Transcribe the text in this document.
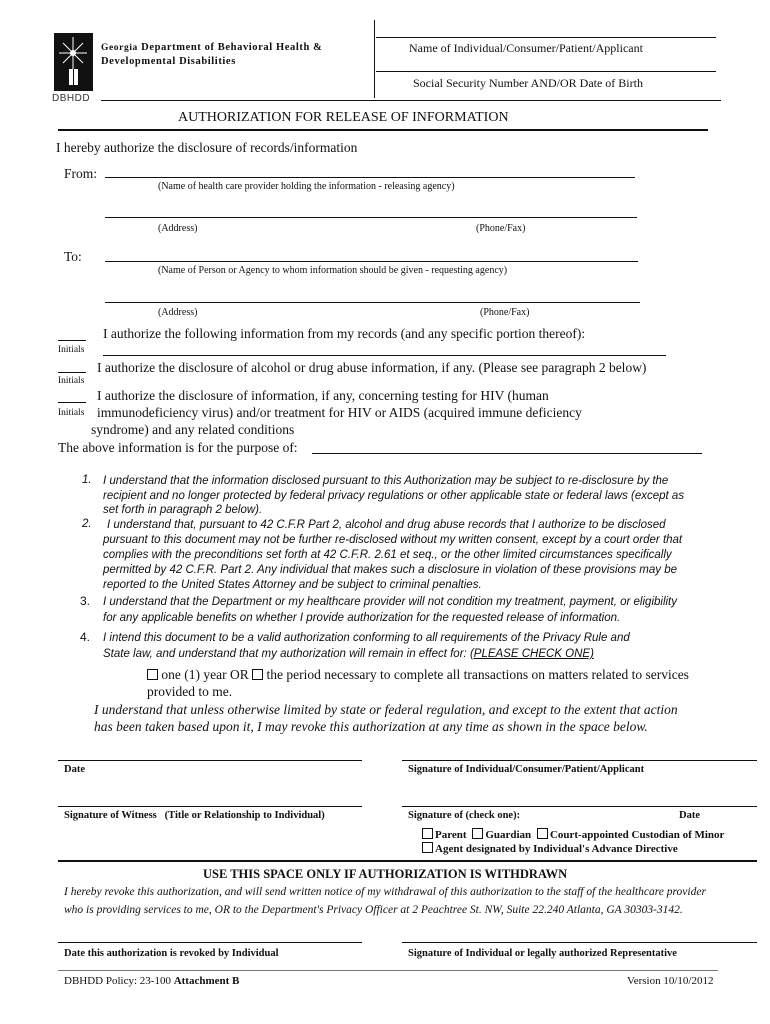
DBHDD
Georgia Department of Behavioral Health &
Developmental Disabilities
Name of Individual/Consumer/Patient/Applicant
Social Security Number AND/OR Date of Birth
AUTHORIZATION FOR RELEASE OF INFORMATION
I hereby authorize the disclosure of records/information
From:
(Name of health care provider holding the information - releasing agency)
(Address)	(Phone/Fax)
To:
(Name of Person or Agency to whom information should be given - requesting agency)
(Address)	(Phone/Fax)
Initials
I authorize the following information from my records (and any specific portion thereof):
Initials
I authorize the disclosure of alcohol or drug abuse information, if any. (Please see paragraph 2 below)
Initials
I authorize the disclosure of information, if any, concerning testing for HIV (human
immunodeficiency virus) and/or treatment for HIV or AIDS (acquired immune deficiency
syndrome) and any related conditions
The above information is for the purpose of:
1. I understand that the information disclosed pursuant to this Authorization may be subject to re-disclosure by the
recipient and no longer protected by federal privacy regulations or other applicable state or federal laws (except as
set forth in paragraph 2 below).
2.	I understand that, pursuant to 42 C.F.R Part 2, alcohol and drug abuse records that I authorize to be disclosed
pursuant to this document may not be further re-disclosed without my written consent, except by a court order that
complies with the preconditions set forth at 42 C.F.R. 2.61 et seq., or the other limited circumstances specifically
permitted by 42 C.F.R. Part 2. Any individual that makes such a disclosure in violation of these provisions may be
reported to the United States Attorney and be subject to criminal penalties.
3. I understand that the Department or my healthcare provider will not condition my treatment, payment, or eligibility
for any applicable benefits on whether I provide authorization for the requested release of information.
4. I intend this document to be a valid authorization conforming to all requirements of the Privacy Rule and
State law, and understand that my authorization will remain in effect for: (PLEASE CHECK ONE)
one (1) year OR the period necessary to complete all transactions on matters related to services
provided to me.
I understand that unless otherwise limited by state or federal regulation, and except to the extent that action
has been taken based upon it, I may revoke this authorization at any time as shown in the space below.
Date	Signature of Individual/Consumer/Patient/Applicant
Signature of Witness   (Title or Relationship to Individual)	Signature of (check one):	Date
Parent Guardian Court-appointed Custodian of Minor
Agent designated by Individual's Advance Directive
USE THIS SPACE ONLY IF AUTHORIZATION IS WITHDRAWN
I hereby revoke this authorization, and will send written notice of my withdrawal of this authorization to the staff of the healthcare provider
who is providing services to me, OR to the Department's Privacy Officer at 2 Peachtree St. NW, Suite 22.240 Atlanta, GA 30303-3142.
Date this authorization is revoked by Individual	Signature of Individual or legally authorized Representative
DBHDD Policy: 23-100 Attachment B	Version 10/10/2012
